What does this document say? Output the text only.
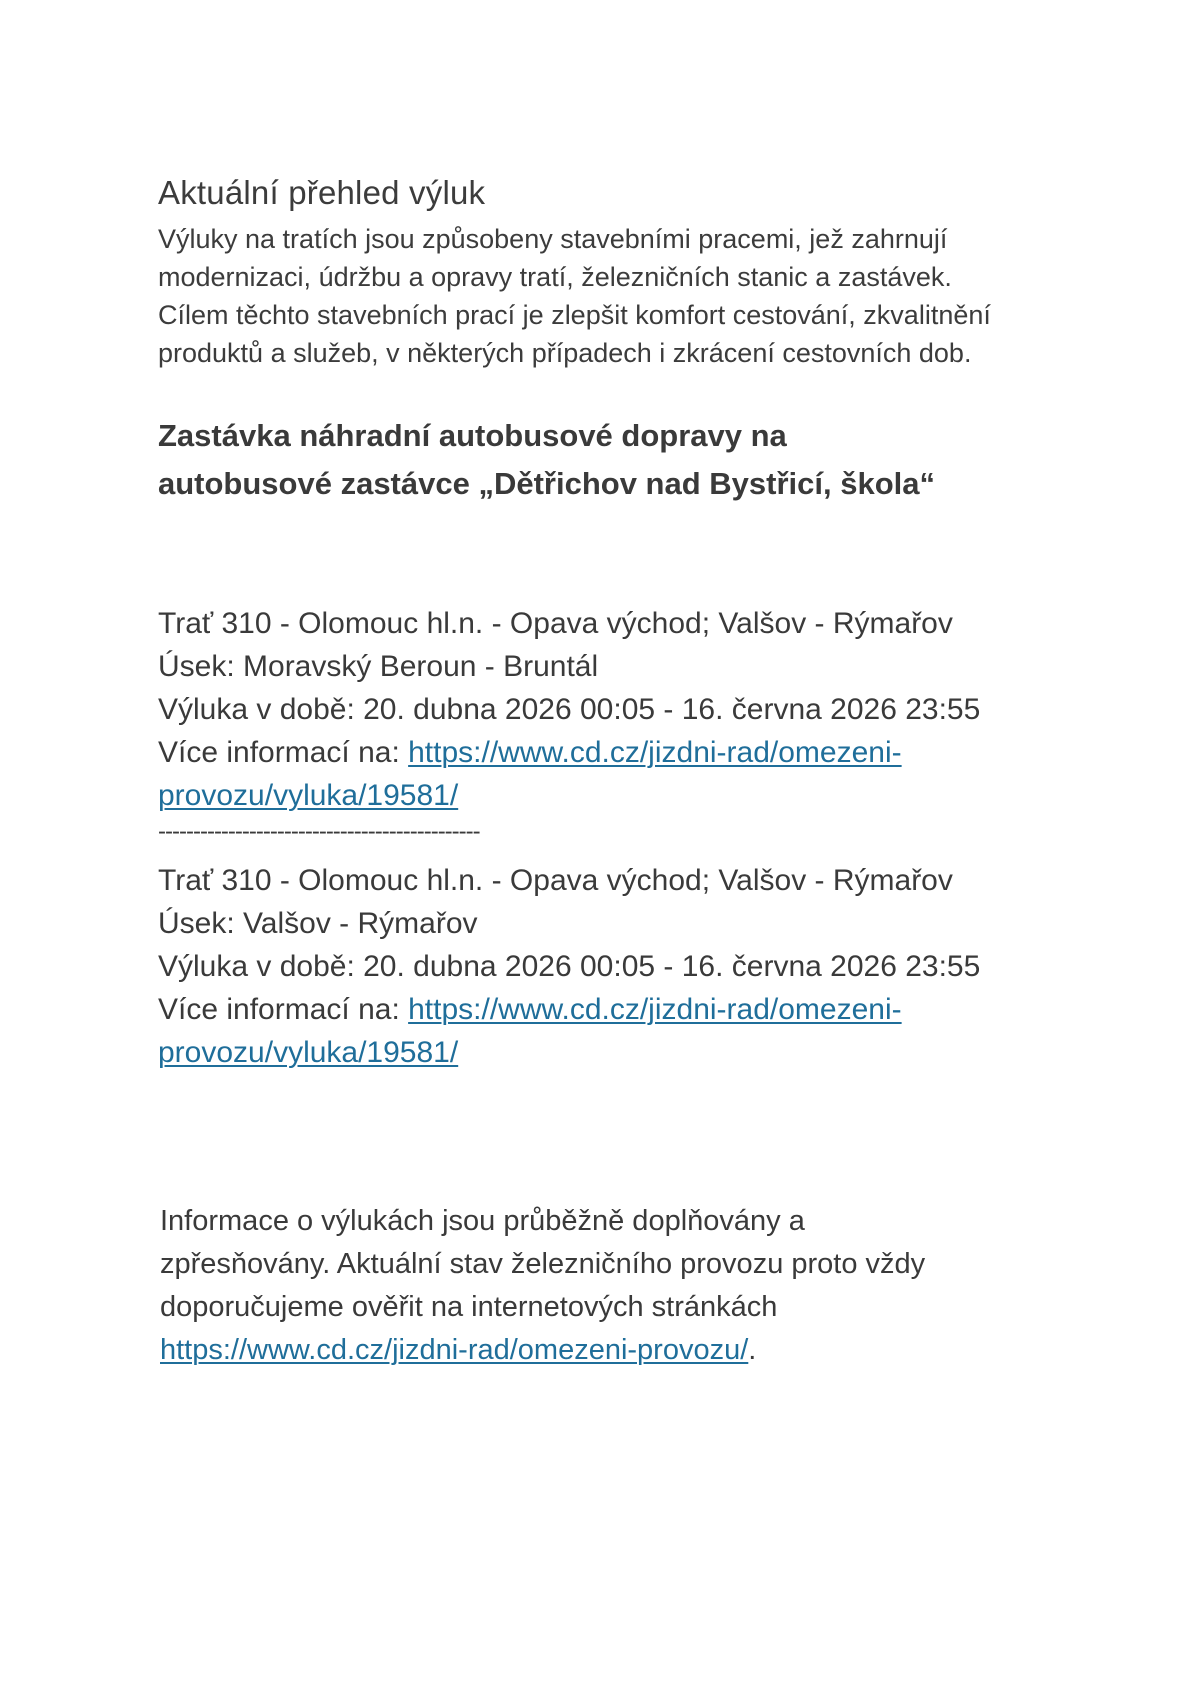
Aktuální přehled výluk

Výluky na tratích jsou způsobeny stavebními pracemi, jež zahrnují
modernizaci, údržbu a opravy tratí, železničních stanic a zastávek.
Cílem těchto stavebních prací je zlepšit komfort cestování, zkvalitnění
produktů a služeb, v některých případech i zkrácení cestovních dob.

Zastávka náhradní autobusové dopravy na
autobusové zastávce „Dětřichov nad Bystřicí, škola“
Trať 310 - Olomouc hl.n. - Opava východ; Valšov - Rýmařov
Úsek: Moravský Beroun - Bruntál
Výluka v době: 20. dubna 2026 00:05 - 16. června 2026 23:55
Více informací na: https://www.cd.cz/jizdni-rad/omezeni-
provozu/vyluka/19581/
----------------------------------------------
Trať 310 - Olomouc hl.n. - Opava východ; Valšov - Rýmařov
Úsek: Valšov - Rýmařov
Výluka v době: 20. dubna 2026 00:05 - 16. června 2026 23:55
Více informací na: https://www.cd.cz/jizdni-rad/omezeni-
provozu/vyluka/19581/
Informace o výlukách jsou průběžně doplňovány a
zpřesňovány. Aktuální stav železničního provozu proto vždy
doporučujeme ověřit na internetových stránkách
https://www.cd.cz/jizdni-rad/omezeni-provozu/.
